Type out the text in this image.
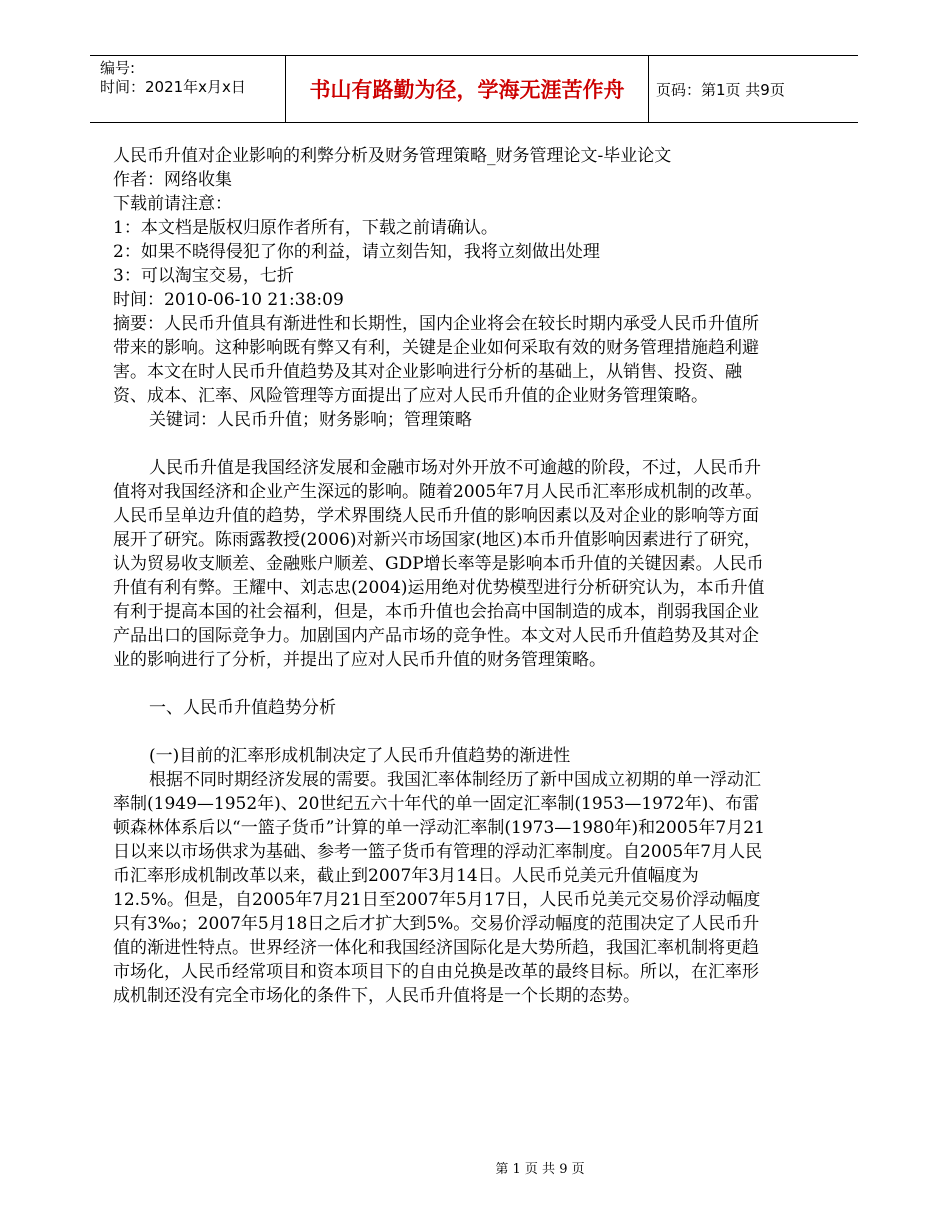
编号:
时间：2021年x月x日	书山有路勤为径，学海无涯苦作舟	页码：第1页 共9页

人民币升值对企业影响的利弊分析及财务管理策略_财务管理论文-毕业论文

作者：网络收集

下载前请注意：

1：本文档是版权归原作者所有，下载之前请确认。

2：如果不晓得侵犯了你的利益，请立刻告知，我将立刻做出处理

3：可以淘宝交易，七折

时间：2010-06-10 21:38:09

摘要：人民币升值具有渐进性和长期性，国内企业将会在较长时期内承受人民币升值所带来的影响。这种影响既有弊又有利，关键是企业如何采取有效的财务管理措施趋利避害。本文在时人民币升值趋势及其对企业影响进行分析的基础上，从销售、投资、融资、成本、汇率、风险管理等方面提出了应对人民币升值的企业财务管理策略。

关键词：人民币升值；财务影响；管理策略

人民币升值是我国经济发展和金融市场对外开放不可逾越的阶段，不过，人民币升值将对我国经济和企业产生深远的影响。随着2005年7月人民币汇率形成机制的改革。人民币呈单边升值的趋势，学术界围绕人民币升值的影响因素以及对企业的影响等方面展开了研究。陈雨露教授(2006)对新兴市场国家(地区)本币升值影响因素进行了研究，认为贸易收支顺差、金融账户顺差、GDP增长率等是影响本币升值的关键因素。人民币升值有利有弊。王耀中、刘志忠(2004)运用绝对优势模型进行分析研究认为，本币升值有利于提高本国的社会福利，但是，本币升值也会抬高中国制造的成本，削弱我国企业产品出口的国际竞争力。加剧国内产品市场的竞争性。本文对人民币升值趋势及其对企业的影响进行了分析，并提出了应对人民币升值的财务管理策略。

一、人民币升值趋势分析

(一)目前的汇率形成机制决定了人民币升值趋势的渐进性

根据不同时期经济发展的需要。我国汇率体制经历了新中国成立初期的单一浮动汇率制(1949—1952年)、20世纪五六十年代的单一固定汇率制(1953—1972年)、布雷顿森林体系后以“一篮子货币”计算的单一浮动汇率制(1973—1980年)和2005年7月21日以来以市场供求为基础、参考一篮子货币有管理的浮动汇率制度。自2005年7月人民币汇率形成机制改革以来，截止到2007年3月14日。人民币兑美元升值幅度为12.5%。但是，自2005年7月21日至2007年5月17日，人民币兑美元交易价浮动幅度只有3‰；2007年5月18日之后才扩大到5%。交易价浮动幅度的范围决定了人民币升值的渐进性特点。世界经济一体化和我国经济国际化是大势所趋，我国汇率机制将更趋市场化，人民币经常项目和资本项目下的自由兑换是改革的最终目标。所以，在汇率形成机制还没有完全市场化的条件下，人民币升值将是一个长期的态势。

第 1 页 共 9 页
